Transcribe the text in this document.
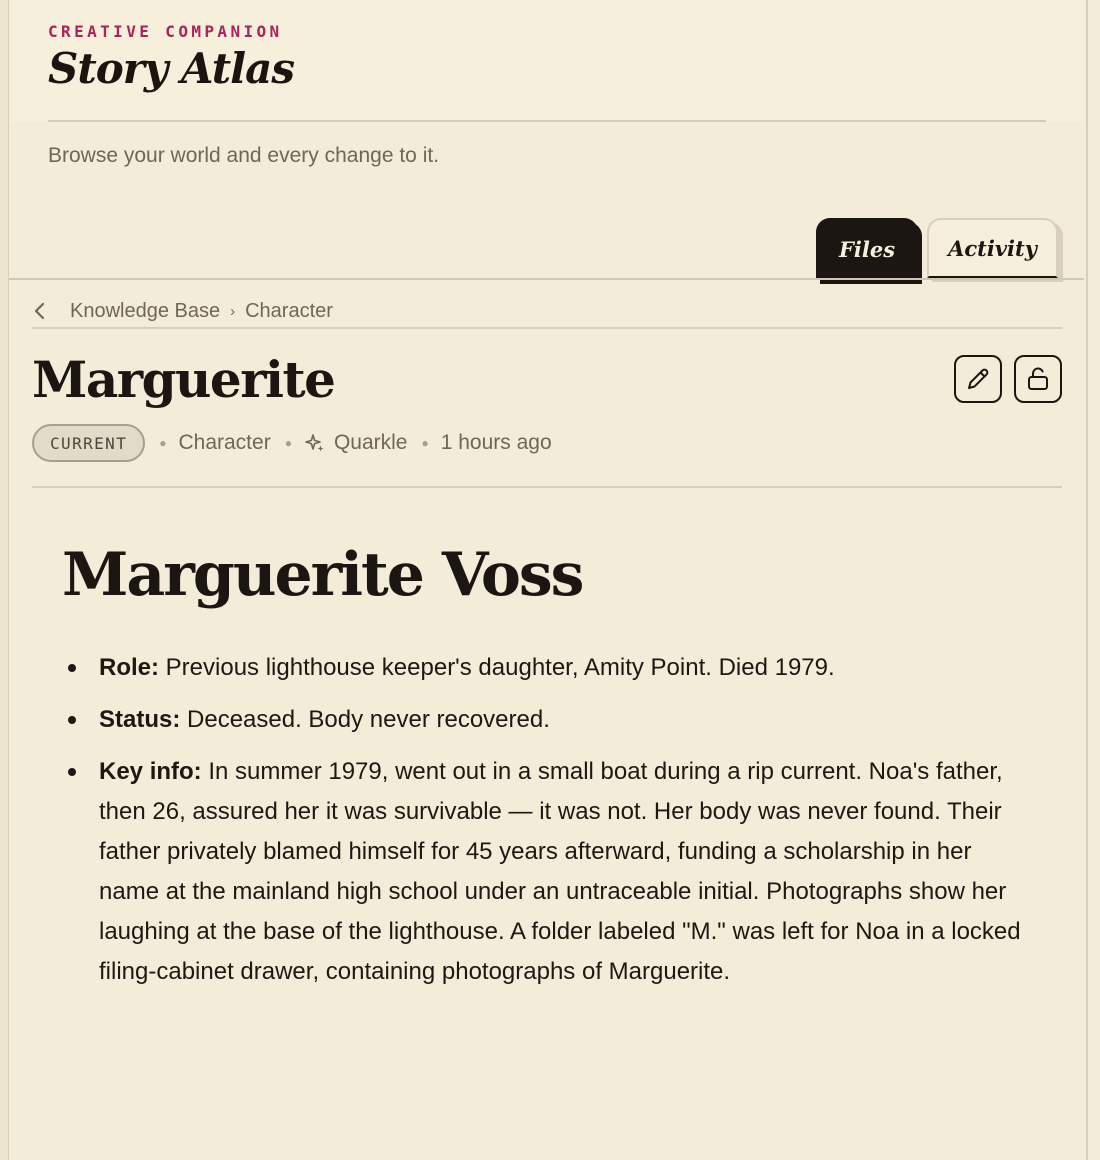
CREATIVE COMPANION
Story Atlas
Browse your world and every change to it.
Files	Activity
Knowledge Base › Character
Marguerite
CURRENT	● Character ● Quarkle ● 1 hours ago
Marguerite Voss
Role: Previous lighthouse keeper's daughter, Amity Point. Died 1979.
Status: Deceased. Body never recovered.
Key info: In summer 1979, went out in a small boat during a rip current. Noa's father, then 26, assured her it was survivable — it was not. Her body was never found. Their father privately blamed himself for 45 years afterward, funding a scholarship in her name at the mainland high school under an untraceable initial. Photographs show her laughing at the base of the lighthouse. A folder labeled "M." was left for Noa in a locked filing-cabinet drawer, containing photographs of Marguerite.
